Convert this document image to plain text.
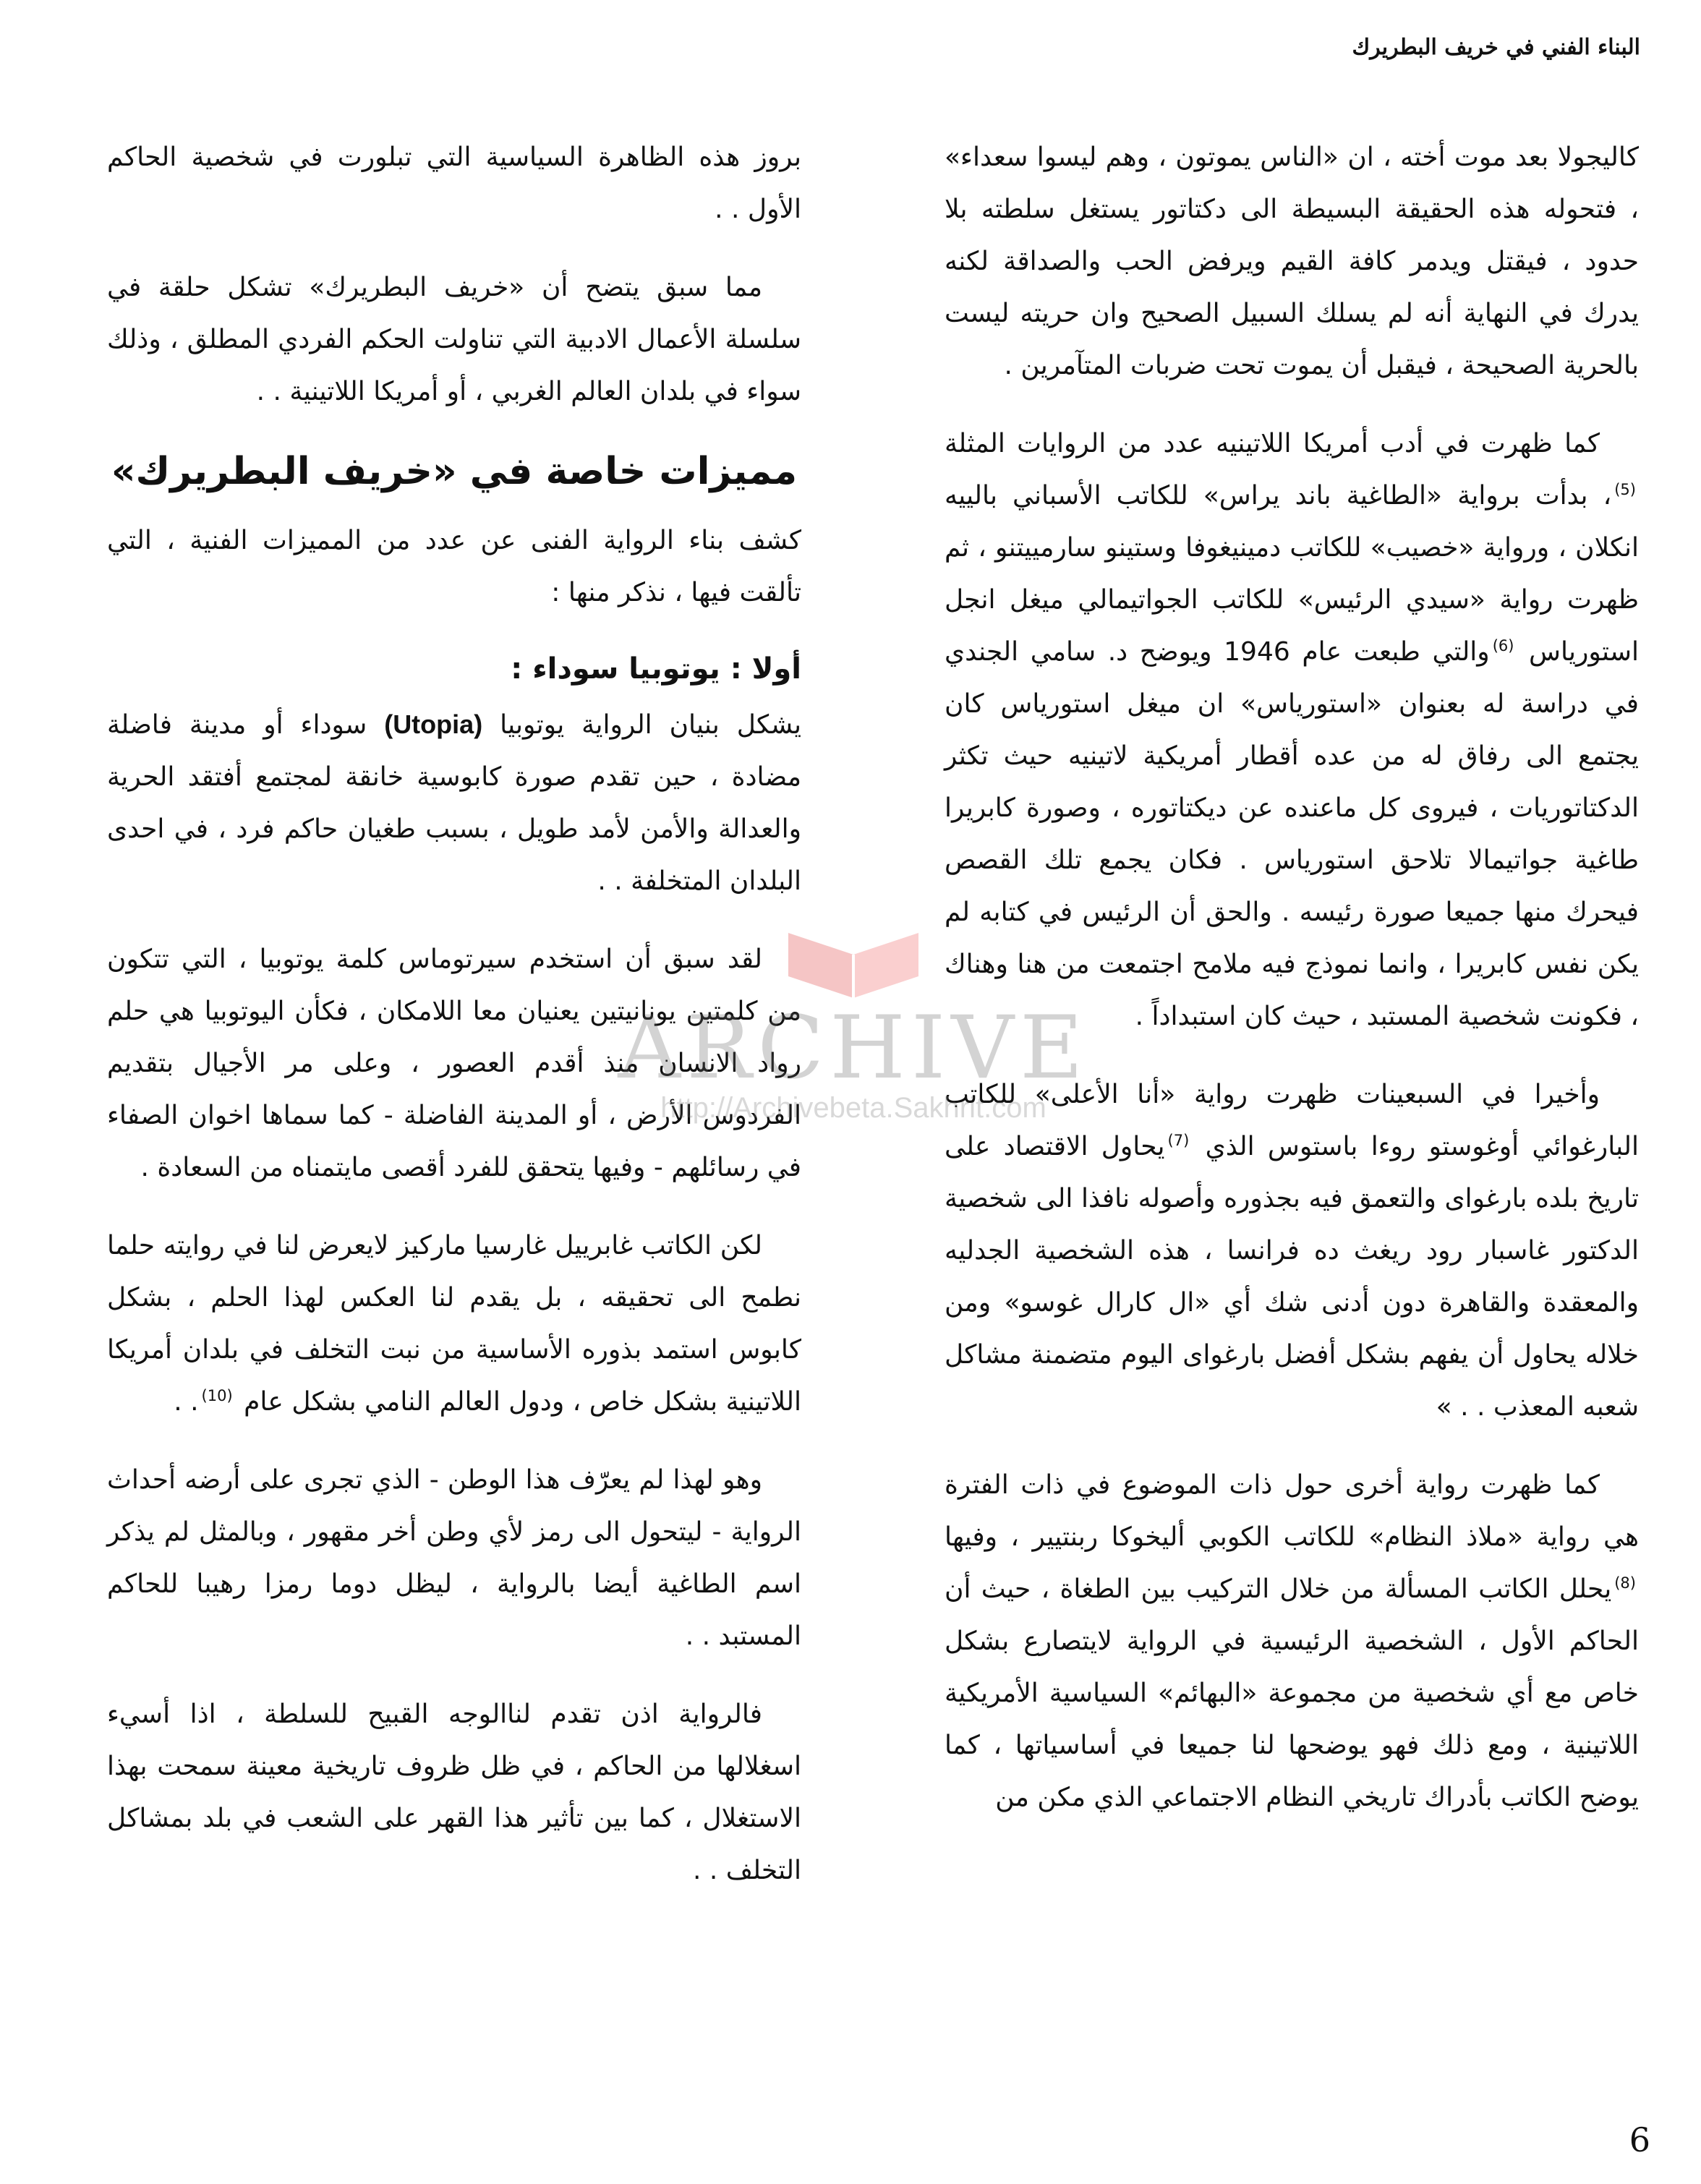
البناء الفني في خريف البطريرك

كاليجولا بعد موت أخته ، ان «الناس يموتون ، وهم ليسوا سعداء» ، فتحوله هذه الحقيقة البسيطة الى دكتاتور يستغل سلطته بلا حدود ، فيقتل ويدمر كافة القيم ويرفض الحب والصداقة لكنه يدرك في النهاية أنه لم يسلك السبيل الصحيح وان حريته ليست بالحرية الصحيحة ، فيقبل أن يموت تحت ضربات المتآمرين .

كما ظهرت في أدب أمريكا اللاتينيه عدد من الروايات المثلة $^{(5)}$، بدأت برواية «الطاغية باند يراس» للكاتب الأسباني بالييه انكلان ، ورواية «خصيب» للكاتب دمينيغوفا وستينو سارمييتنو ، ثم ظهرت رواية «سيدي الرئيس» للكاتب الجواتيمالي ميغل انجل استورياس $^{(6)}$والتي طبعت عام 1946 ويوضح د. سامي الجندي في دراسة له بعنوان «استورياس» ان ميغل استورياس كان يجتمع الى رفاق له من عده أقطار أمريكية لاتينيه حيث تكثر الدكتاتوريات ، فيروى كل ماعنده عن ديكتاتوره ، وصورة كابريرا طاغية جواتيمالا تلاحق استورياس . فكان يجمع تلك القصص فيحرك منها جميعا صورة رئيسه . والحق أن الرئيس في كتابه لم يكن نفس كابريرا ، وانما نموذج فيه ملامح اجتمعت من هنا وهناك ، فكونت شخصية المستبد ، حيث كان استبداداً .

وأخيرا في السبعينات ظهرت رواية «أنا الأعلى» للكاتب البارغوائي أوغوستو روءا باستوس الذي $^{(7)}$يحاول الاقتصاد على تاريخ بلده بارغواى والتعمق فيه بجذوره وأصوله نافذا الى شخصية الدكتور غاسبار رود ريغث ده فرانسا ، هذه الشخصية الجدليه والمعقدة والقاهرة دون أدنى شك أي «ال كارال غوسو» ومن خلاله يحاول أن يفهم بشكل أفضل بارغواى اليوم متضمنة مشاكل شعبه المعذب . . »

كما ظهرت رواية أخرى حول ذات الموضوع في ذات الفترة هي رواية «ملاذ النظام» للكاتب الكوبي أليخوكا ربنتيير ، وفيها $^{(8)}$يحلل الكاتب المسألة من خلال التركيب بين الطغاة ، حيث أن الحاكم الأول ، الشخصية الرئيسية في الرواية لايتصارع بشكل خاص مع أي شخصية من مجموعة «البهائم» السياسية الأمريكية اللاتينية ، ومع ذلك فهو يوضحها لنا جميعا في أساسياتها ، كما يوضح الكاتب بأدراك تاريخي النظام الاجتماعي الذي مكن من

بروز هذه الظاهرة السياسية التي تبلورت في شخصية الحاكم الأول . .

مما سبق يتضح أن «خريف البطريرك» تشكل حلقة في سلسلة الأعمال الادبية التي تناولت الحكم الفردي المطلق ، وذلك سواء في بلدان العالم الغربي ، أو أمريكا اللاتينية . .

مميزات خاصة في «خريف البطريرك»

كشف بناء الرواية الفنى عن عدد من المميزات الفنية ، التي تألقت فيها ، نذكر منها :

أولا : يوتوبيا سوداء :

يشكل بنيان الرواية يوتوبيا (Utopia) سوداء أو مدينة فاضلة مضادة ، حين تقدم صورة كابوسية خانقة لمجتمع أفتقد الحرية والعدالة والأمن لأمد طويل ، بسبب طغيان حاكم فرد ، في احدى البلدان المتخلفة . .

لقد سبق أن استخدم سيرتوماس كلمة يوتوبيا ، التي تتكون من كلمتين يونانيتين يعنيان معا اللامكان ، فكأن اليوتوبيا هي حلم رواد الانسان منذ أقدم العصور ، وعلى مر الأجيال بتقديم الفردوس الأرض ، أو المدينة الفاضلة - كما سماها اخوان الصفاء في رسائلهم - وفيها يتحقق للفرد أقصى مايتمناه من السعادة .

لكن الكاتب غابرييل غارسيا ماركيز لايعرض لنا في روايته حلما نطمح الى تحقيقه ، بل يقدم لنا العكس لهذا الحلم ، بشكل كابوس استمد بذوره الأساسية من نبت التخلف في بلدان أمريكا اللاتينية بشكل خاص ، ودول العالم النامي بشكل عام $^{(10)}$. .

وهو لهذا لم يعرّف هذا الوطن - الذي تجرى على أرضه أحداث الرواية - ليتحول الى رمز لأي وطن أخر مقهور ، وبالمثل لم يذكر اسم الطاغية أيضا بالرواية ، ليظل دوما رمزا رهيبا للحاكم المستبد . .

فالرواية اذن تقدم لناالوجه القبيح للسلطة ، اذا أسيء اسغلالها من الحاكم ، في ظل ظروف تاريخية معينة سمحت بهذا الاستغلال ، كما بين تأثير هذا القهر على الشعب في بلد بمشاكل التخلف . .

ARCHIVE
http://Archivebeta.Sakhrit.com
6
